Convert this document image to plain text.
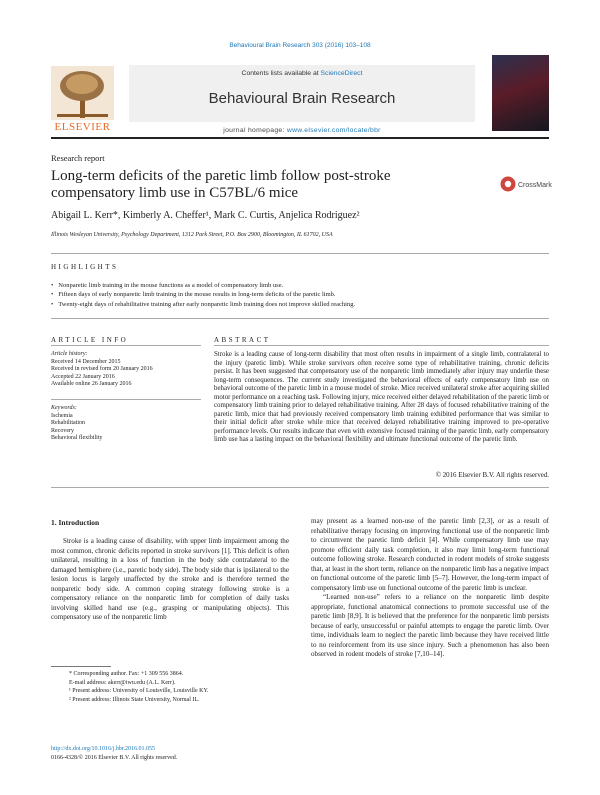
Behavioural Brain Research 303 (2016) 103–108
Contents lists available at ScienceDirect
Behavioural Brain Research
journal homepage: www.elsevier.com/locate/bbr
ELSEVIER
Research report
Long-term deficits of the paretic limb follow post-stroke compensatory limb use in C57BL/6 mice	CrossMark
Abigail L. Kerr*, Kimberly A. Cheffer¹, Mark C. Curtis, Anjelica Rodriguez²
Illinois Wesleyan University, Psychology Department, 1312 Park Street, P.O. Box 2900, Bloomington, IL 61702, USA
HIGHLIGHTS
• Nonparetic limb training in the mouse functions as a model of compensatory limb use.
• Fifteen days of early nonparetic limb training in the mouse results in long-term deficits of the paretic limb.
• Twenty-eight days of rehabilitative training after early nonparetic limb training does not improve skilled reaching.
ARTICLE INFO
Article history:
Received 14 December 2015
Received in revised form 20 January 2016
Accepted 22 January 2016
Available online 26 January 2016
Keywords:
Ischemia
Rehabilitation
Recovery
Behavioral flexibility
ABSTRACT
Stroke is a leading cause of long-term disability that most often results in impairment of a single limb, contralateral to the injury (paretic limb). While stroke survivors often receive some type of rehabilitative training, chronic deficits persist. It has been suggested that compensatory use of the nonparetic limb immediately after injury may underlie these long-term consequences. The current study investigated the behavioral effects of early compensatory limb use on behavioral outcome of the paretic limb in a mouse model of stroke. Mice received unilateral stroke after acquiring skilled motor performance on a reaching task. Following injury, mice received either delayed rehabilitation of the paretic limb or compensatory limb training prior to delayed rehabilitative training. After 28 days of focused rehabilitative training of the paretic limb, mice that had previously received compensatory limb training exhibited performance that was similar to their initial deficit after stroke while mice that received delayed rehabilitative training improved to pre-operative performance levels. Our results indicate that even with extensive focused training of the paretic limb, early compensatory limb use has a lasting impact on the behavioral flexibility and ultimate functional outcome of the paretic limb.
© 2016 Elsevier B.V. All rights reserved.
1. Introduction
Stroke is a leading cause of disability, with upper limb impairment among the most common, chronic deficits reported in stroke survivors [1]. This deficit is often unilateral, resulting in a loss of function in the body side contralateral to the damaged hemisphere (i.e., paretic body side). The body side that is ipsilateral to the lesion locus is largely unaffected by the stroke and is therefore termed the nonparetic body side. A common coping strategy following stroke is a compensatory reliance on the nonparetic limb for completion of daily tasks involving skilled hand use (e.g., grasping or manipulating objects). This compensatory use of the nonparetic limb

may present as a learned non-use of the paretic limb [2,3], or as a result of rehabilitative therapy focusing on improving functional use of the nonparetic limb to circumvent the paretic limb deficit [4]. While compensatory limb use may promote efficient daily task completion, it also may limit long-term functional outcome following stroke. Research conducted in rodent models of stroke suggests that, at least in the short term, reliance on the nonparetic limb has a negative impact on functional outcome of the paretic limb [5–7]. However, the long-term impact of compensatory limb use on functional outcome of the paretic limb is unclear.

“Learned non-use” refers to a reliance on the nonparetic limb despite appropriate, functional anatomical connections to promote successful use of the paretic limb [8,9]. It is believed that the preference for the nonparetic limb persists because of early, unsuccessful or painful attempts to engage the paretic limb. Over time, individuals learn to neglect the paretic limb because they have received little to no reinforcement from its use since injury. Such a phenomenon has also been observed in rodent models of stroke [7,10–14].

* Corresponding author. Fax: +1 309 556 3864.
E-mail address: akerr@iwu.edu (A.L. Kerr).
¹ Present address: University of Louisville, Louisville KY.
² Present address: Illinois State University, Normal IL.
http://dx.doi.org/10.1016/j.bbr.2016.01.055
0166-4328/© 2016 Elsevier B.V. All rights reserved.
